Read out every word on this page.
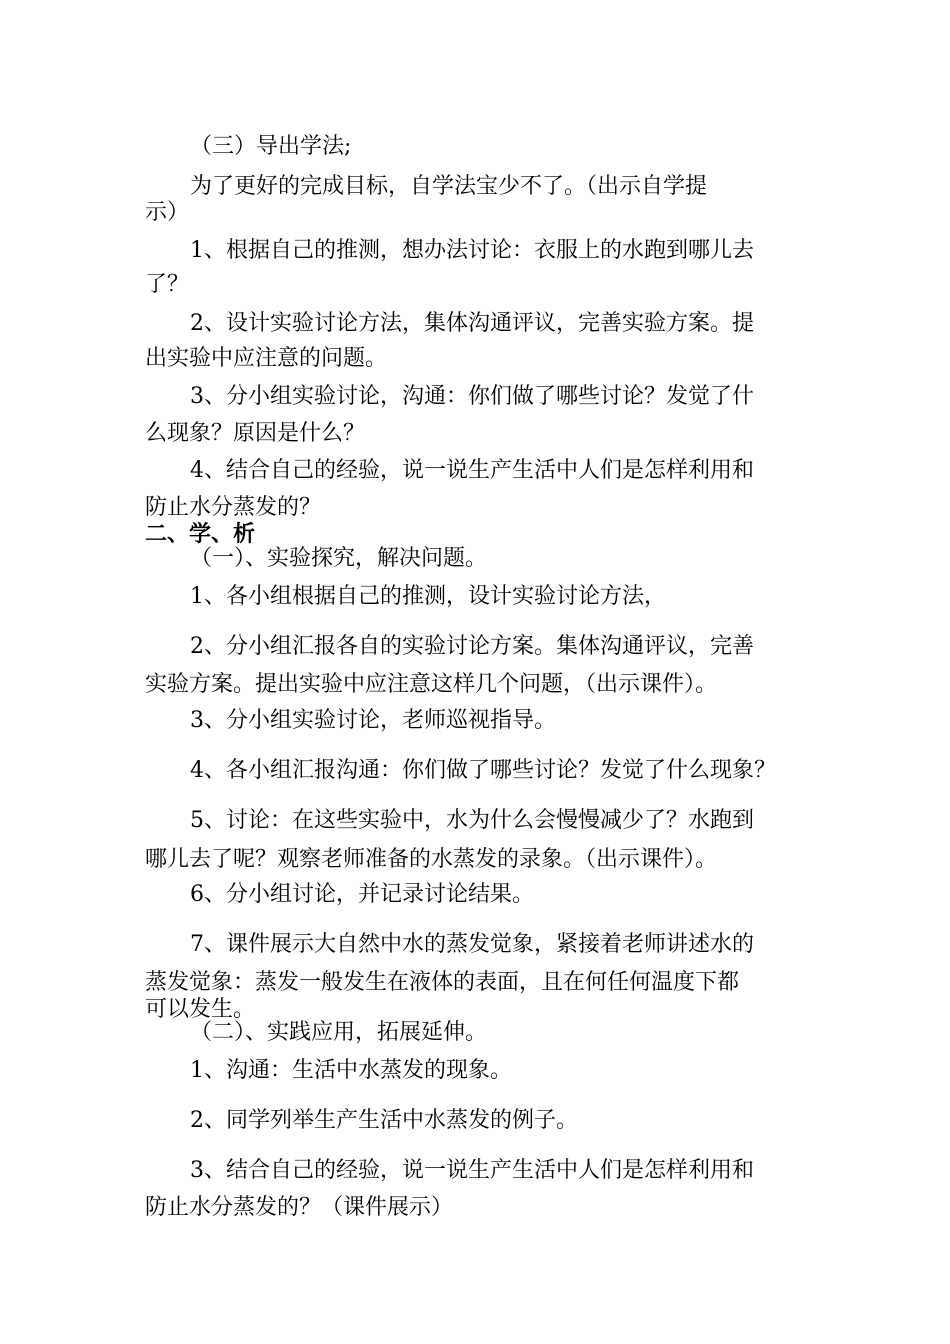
（三）导出学法;
为了更好的完成目标，自学法宝少不了。（出示自学提
示）
1、根据自己的推测，想办法讨论：衣服上的水跑到哪儿去
了？
2、设计实验讨论方法，集体沟通评议，完善实验方案。提
出实验中应注意的问题。
3、分小组实验讨论，沟通：你们做了哪些讨论？发觉了什
么现象？原因是什么？
4、结合自己的经验，说一说生产生活中人们是怎样利用和
防止水分蒸发的？
二、学、析
（一）、实验探究，解决问题。
1、各小组根据自己的推测，设计实验讨论方法，
2、分小组汇报各自的实验讨论方案。集体沟通评议，完善
实验方案。提出实验中应注意这样几个问题，（出示课件）。
3、分小组实验讨论，老师巡视指导。
4、各小组汇报沟通：你们做了哪些讨论？发觉了什么现象？
5、讨论：在这些实验中，水为什么会慢慢减少了？水跑到
哪儿去了呢？观察老师准备的水蒸发的录象。（出示课件）。
6、分小组讨论，并记录讨论结果。
7、课件展示大自然中水的蒸发觉象，紧接着老师讲述水的
蒸发觉象：蒸发一般发生在液体的表面，且在何任何温度下都
可以发生。
（二）、实践应用，拓展延伸。
1、沟通：生活中水蒸发的现象。
2、同学列举生产生活中水蒸发的例子。
3、结合自己的经验，说一说生产生活中人们是怎样利用和
防止水分蒸发的？（课件展示）
